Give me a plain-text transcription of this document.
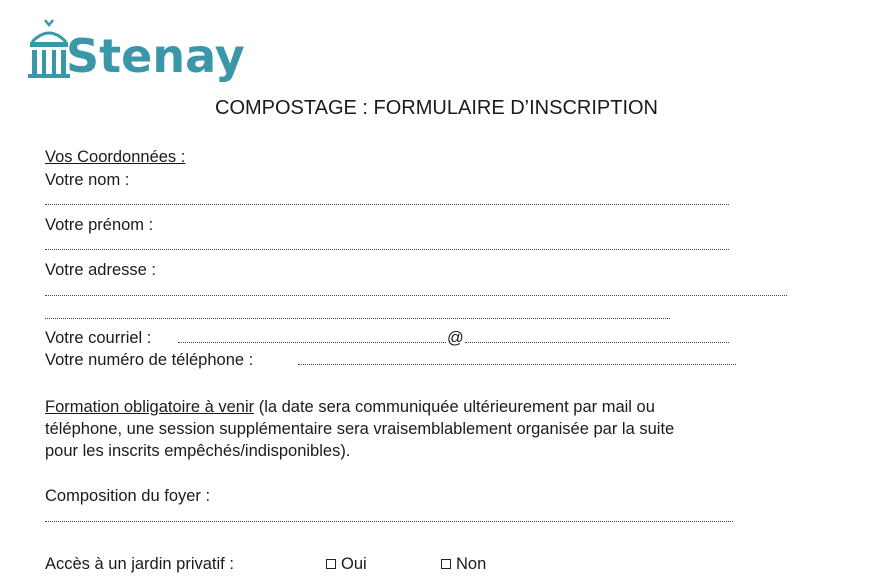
Stenay
COMPOSTAGE : FORMULAIRE D’INSCRIPTION
Vos Coordonnées :
Votre nom :
Votre prénom :
Votre adresse :
Votre courriel :	@
Votre numéro de téléphone :
Formation obligatoire à venir (la date sera communiquée ultérieurement par mail ou
téléphone, une session supplémentaire sera vraisemblablement organisée par la suite
pour les inscrits empêchés/indisponibles).
Composition du foyer :
Accès à un jardin privatif :	Oui	Non
